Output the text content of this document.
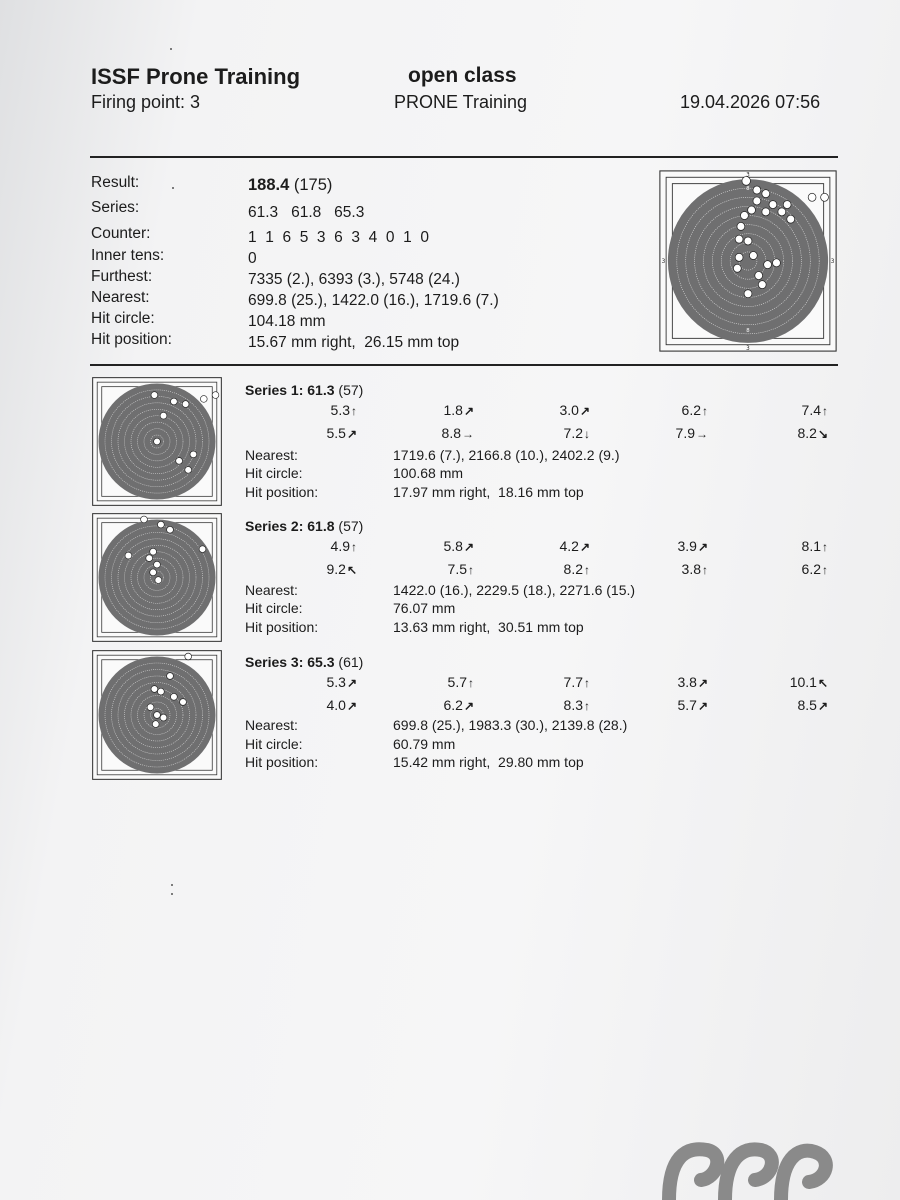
ISSF Prone Training
Firing point: 3
open class
PRONE Training	19.04.2026 07:56
Result:	188.4 (175)
Series:	61.3   61.8   65.3
Counter:	1  1  6  5  3  6  3  4  0  1  0
Inner tens:	0
Furthest:	7335 (2.), 6393 (3.), 5748 (24.)
Nearest:	699.8 (25.), 1422.0 (16.), 1719.6 (7.)
Hit circle:	104.18 mm
Hit position:	15.67 mm right,  26.15 mm top
8
8
3
3
3	3
Series 1: 61.3 (57)
5.3↑	1.8↗	3.0↗	6.2↑	7.4↑
5.5↗	8.8→	7.2↓	7.9→	8.2↘
Nearest:	1719.6 (7.), 2166.8 (10.), 2402.2 (9.)
Hit circle:	100.68 mm
Hit position:	17.97 mm right,  18.16 mm top
Series 2: 61.8 (57)
4.9↑	5.8↗	4.2↗	3.9↗	8.1↑
9.2↖	7.5↑	8.2↑	3.8↑	6.2↑
Nearest:	1422.0 (16.), 2229.5 (18.), 2271.6 (15.)
Hit circle:	76.07 mm
Hit position:	13.63 mm right,  30.51 mm top
Series 3: 65.3 (61)
5.3↗	5.7↑	7.7↑	3.8↗	10.1↖
4.0↗	6.2↗	8.3↑	5.7↗	8.5↗
Nearest:	699.8 (25.), 1983.3 (30.), 2139.8 (28.)
Hit circle:	60.79 mm
Hit position:	15.42 mm right,  29.80 mm top
